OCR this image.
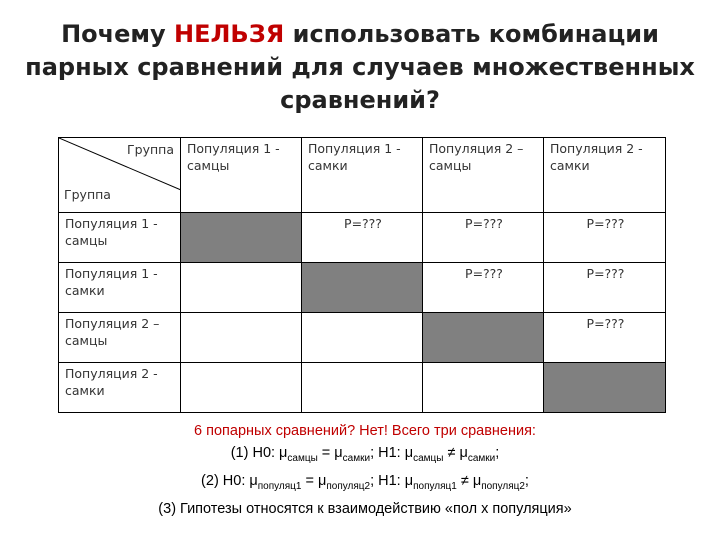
Почему НЕЛЬЗЯ использовать комбинации парных сравнений для случаев множественных сравнений?
Группа
Группа	Популяция 1 - самцы	Популяция 1 - самки	Популяция 2 – самцы	Популяция 2 - самки
Популяция 1 - самцы		P=???	P=???	P=???
Популяция 1 - самки			P=???	P=???
Популяция 2 – самцы				P=???
Популяция 2 - самки				
6 попарных сравнений? Нет! Всего три сравнения:
(1) Н0: $\mu_{самцы} = \mu_{самки}$; Н1: $\mu_{самцы} \ne \mu_{самки}$;
(2) Н0: $\mu_{популяц1} = \mu_{популяц2}$; Н1: $\mu_{популяц1} \ne \mu_{популяц2}$;
(3) Гипотезы относятся к взаимодействию «пол х популяция»
